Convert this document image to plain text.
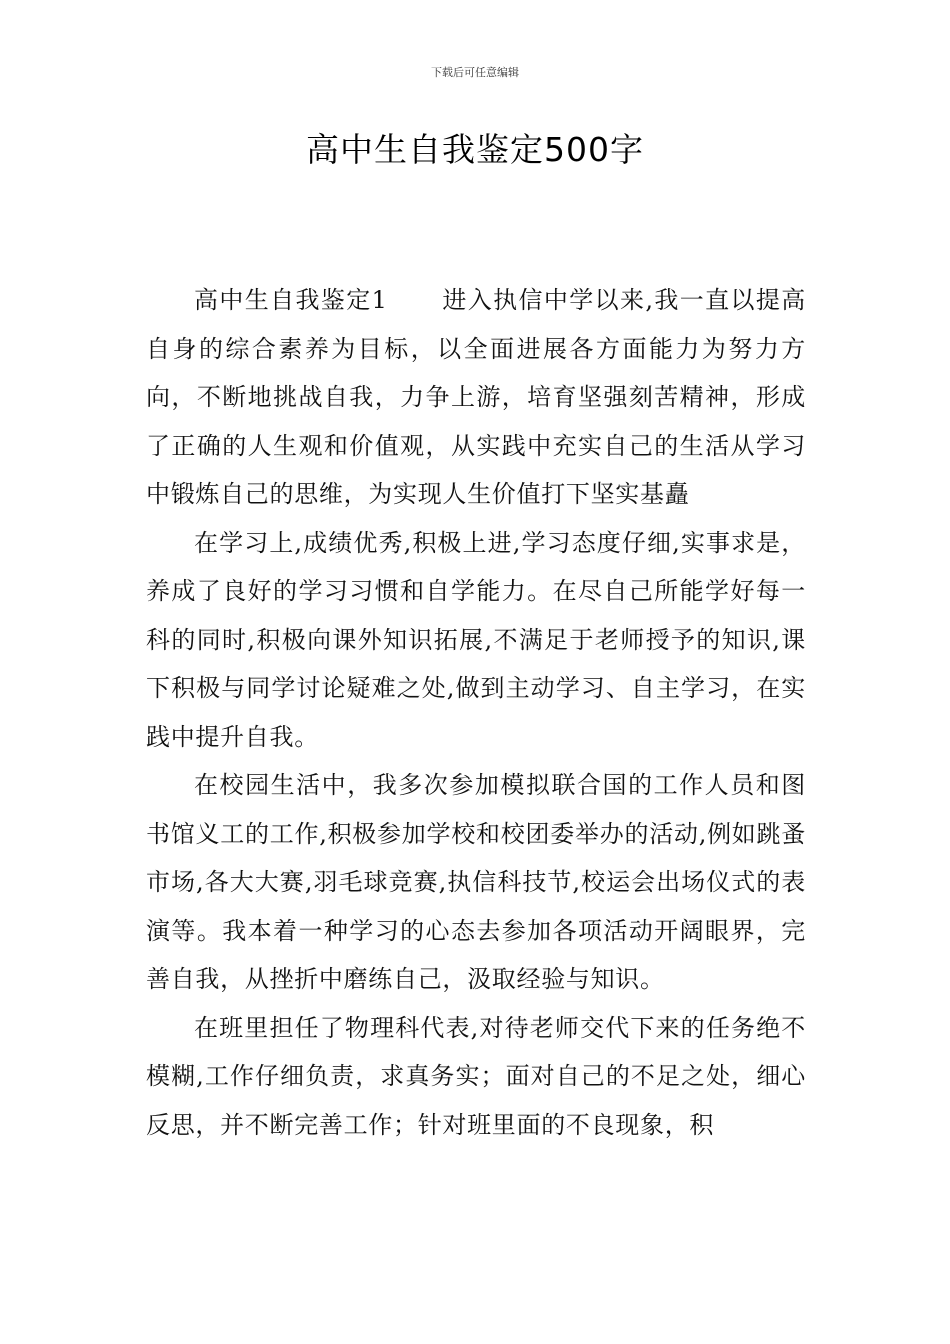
下载后可任意编辑
高中生自我鉴定500字

高中生自我鉴定1 进入执信中学以来,我一直以提高自身的综合素养为目标，以全面进展各方面能力为努力方向，不断地挑战自我，力争上游，培育坚强刻苦精神，形成了正确的人生观和价值观，从实践中充实自己的生活从学习中锻炼自己的思维，为实现人生价值打下坚实基矗

在学习上,成绩优秀,积极上进,学习态度仔细,实事求是，养成了良好的学习习惯和自学能力。在尽自己所能学好每一科的同时,积极向课外知识拓展,不满足于老师授予的知识,课下积极与同学讨论疑难之处,做到主动学习、自主学习，在实践中提升自我。

在校园生活中，我多次参加模拟联合国的工作人员和图书馆义工的工作,积极参加学校和校团委举办的活动,例如跳蚤市场,各大大赛,羽毛球竞赛,执信科技节,校运会出场仪式的表演等。我本着一种学习的心态去参加各项活动开阔眼界，完善自我，从挫折中磨练自己，汲取经验与知识。

在班里担任了物理科代表,对待老师交代下来的任务绝不模糊,工作仔细负责，求真务实；面对自己的不足之处，细心反思，并不断完善工作；针对班里面的不良现象，积
